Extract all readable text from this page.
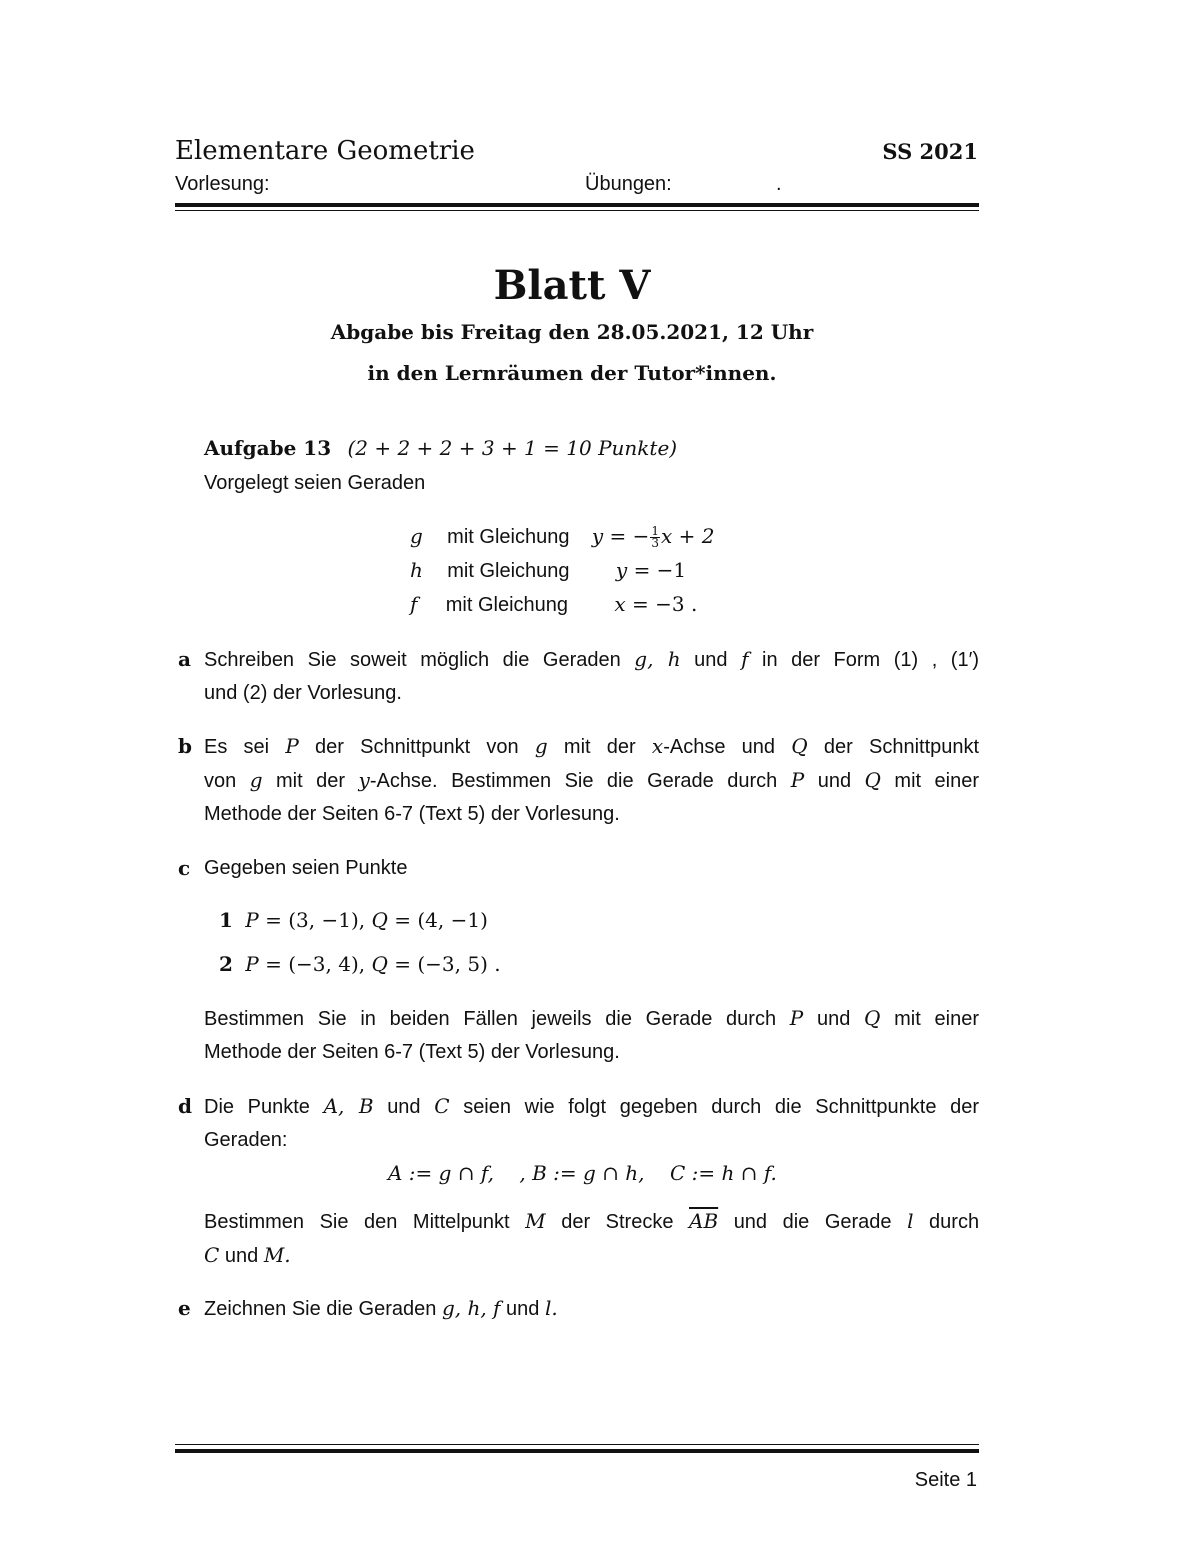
Elementare Geometrie	SS 2021
Vorlesung:	Übungen:	.
Blatt V
Abgabe bis Freitag den 28.05.2021, 12 Uhr
in den Lernräumen der Tutor*innen.
Aufgabe 13 (2 + 2 + 2 + 3 + 1 = 10 Punkte)
Vorgelegt seien Geraden
g mit Gleichung y = − $\frac{1}{3}$ x + 2
h mit Gleichung y = −1
f mit Gleichung x = −3 .
a Schreiben Sie soweit möglich die Geraden g, h und f in der Form (1) , (1′)
und (2) der Vorlesung.
b Es sei P der Schnittpunkt von g mit der x-Achse und Q der Schnittpunkt
von g mit der y-Achse. Bestimmen Sie die Gerade durch P und Q mit einer
Methode der Seiten 6-7 (Text 5) der Vorlesung.
c Gegeben seien Punkte
1 P = (3, −1), Q = (4, −1)
2 P = (−3, 4), Q = (−3, 5) .
Bestimmen Sie in beiden Fällen jeweils die Gerade durch P und Q mit einer
Methode der Seiten 6-7 (Text 5) der Vorlesung.
d Die Punkte A, B und C seien wie folgt gegeben durch die Schnittpunkte der
Geraden:
A := g ∩ f,    , B := g ∩ h,    C := h ∩ f.
Bestimmen Sie den Mittelpunkt M der Strecke $\overline{AB}$ und die Gerade l durch
C und M.
e Zeichnen Sie die Geraden g, h, f und l.
Seite 1
